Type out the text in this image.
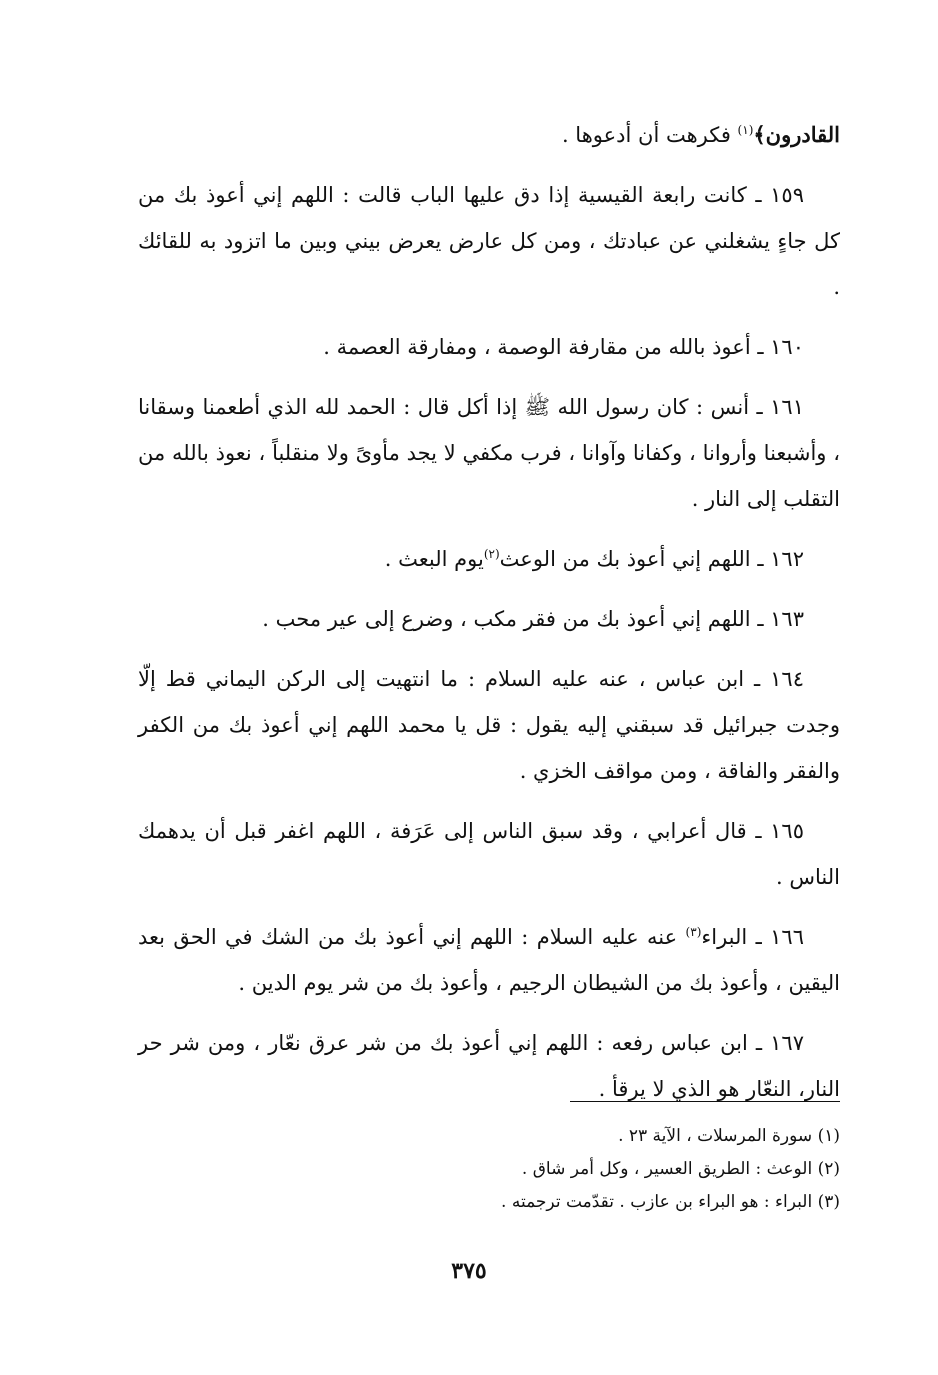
القادرون﴾$^{(١)}$ فكرهت أن أدعوها .

١٥٩ ـ كانت رابعة القيسية إذا دق عليها الباب قالت : اللهم إني أعوذ بك من كل جاءٍ يشغلني عن عبادتك ، ومن كل عارض يعرض بيني وبين ما اتزود به للقائك .

١٦٠ ـ أعوذ بالله من مقارفة الوصمة ، ومفارقة العصمة .

١٦١ ـ أنس : كان رسول الله ﷺ إذا أكل قال : الحمد لله الذي أطعمنا وسقانا ، وأشبعنا وأروانا ، وكفانا وآوانا ، فرب مكفي لا يجد مأوىً ولا منقلباً ، نعوذ بالله من التقلب إلى النار .

١٦٢ ـ اللهم إني أعوذ بك من الوعث$^{(٢)}$يوم البعث .

١٦٣ ـ اللهم إني أعوذ بك من فقر مكب ، وضرع إلى عير محب .

١٦٤ ـ ابن عباس ، عنه عليه السلام : ما انتهيت إلى الركن اليماني قط إلّا وجدت جبرائيل قد سبقني إليه يقول : قل يا محمد اللهم إني أعوذ بك من الكفر والفقر والفاقة ، ومن مواقف الخزي .

١٦٥ ـ قال أعرابي ، وقد سبق الناس إلى عَرَفة ، اللهم اغفر قبل أن يدهمك الناس .

١٦٦ ـ البراء$^{(٣)}$ عنه عليه السلام : اللهم إني أعوذ بك من الشك في الحق بعد اليقين ، وأعوذ بك من الشيطان الرجيم ، وأعوذ بك من شر يوم الدين .

١٦٧ ـ ابن عباس رفعه : اللهم إني أعوذ بك من شر عرق نعّار ، ومن شر حر النار، النعّار هو الذي لا يرقأ .

(١) سورة المرسلات ، الآية ٢٣ .
(٢) الوعث : الطريق العسير ، وكل أمر شاق .
(٣) البراء : هو البراء بن عازب . تقدّمت ترجمته .
٣٧٥
